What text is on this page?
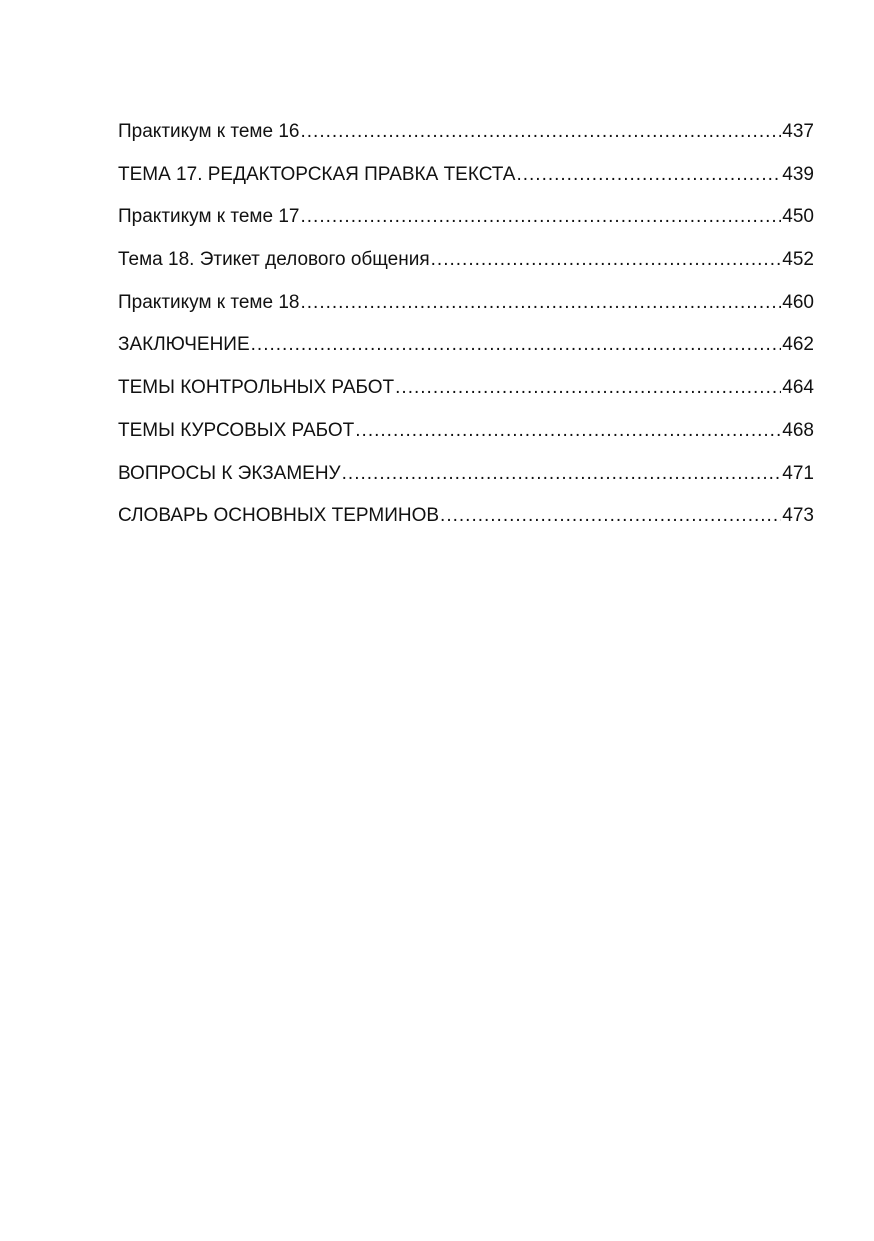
Практикум к теме 16 .....	437
ТЕМА 17. РЕДАКТОРСКАЯ ПРАВКА ТЕКСТА .....	439
Практикум к теме 17 .....	450
Тема 18. Этикет делового общения .....	452
Практикум к теме 18 .....	460
ЗАКЛЮЧЕНИЕ .....	462
ТЕМЫ КОНТРОЛЬНЫХ РАБОТ .....	464
ТЕМЫ КУРСОВЫХ РАБОТ .....	468
ВОПРОСЫ К ЭКЗАМЕНУ .....	471
СЛОВАРЬ ОСНОВНЫХ ТЕРМИНОВ .....	473
